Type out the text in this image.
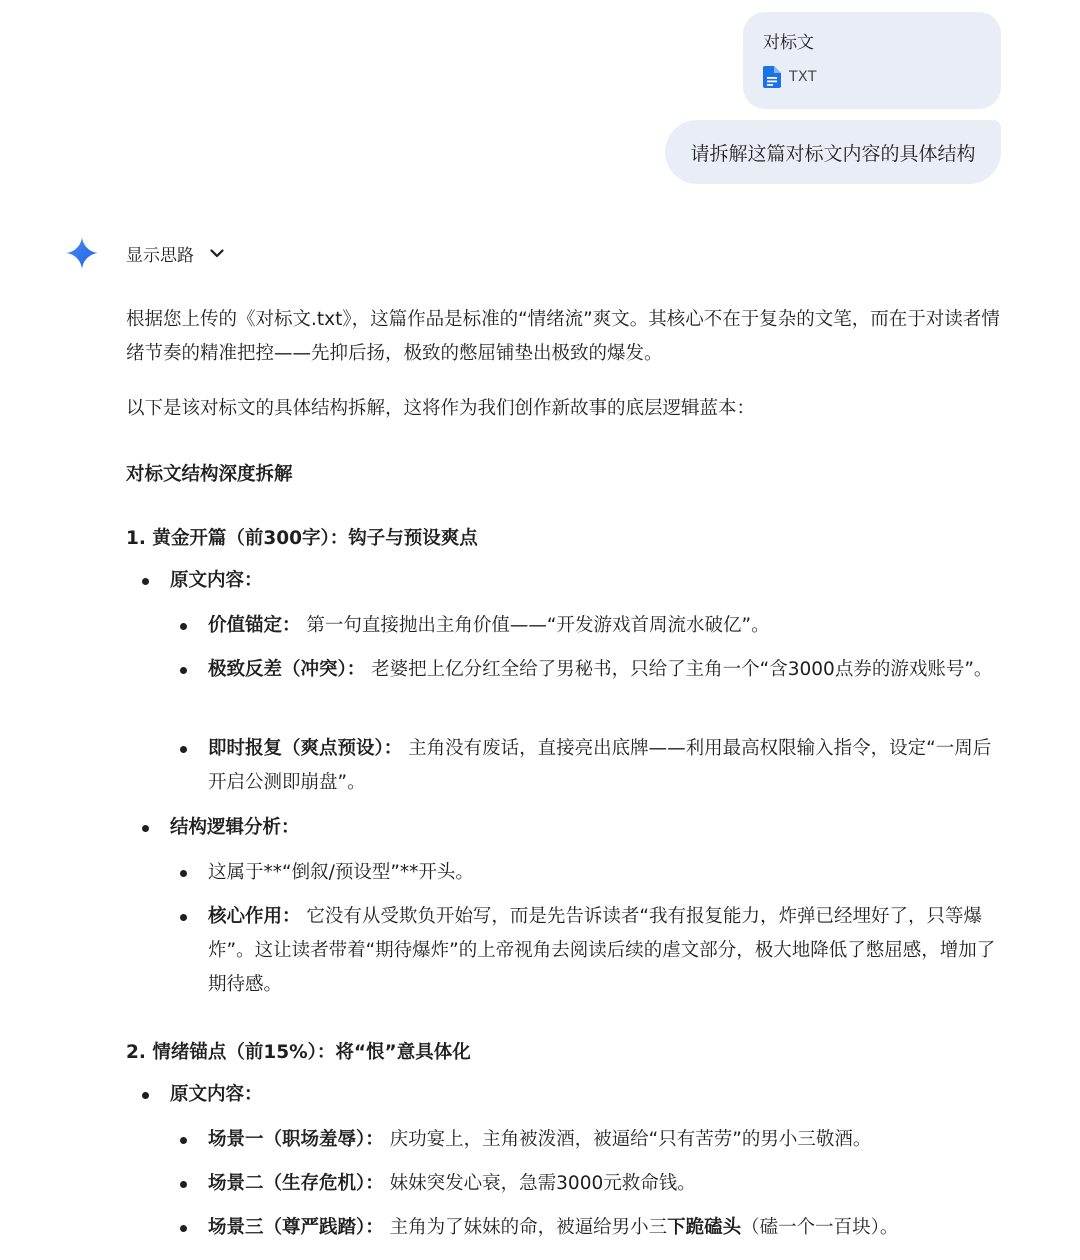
对标文
TXT
请拆解这篇对标文内容的具体结构
显示思路

根据您上传的《对标文.txt》，这篇作品是标准的“情绪流”爽文。其核心不在于复杂的文笔，而在于对读者情绪节奏的精准把控——先抑后扬，极致的憋屈铺垫出极致的爆发。

以下是该对标文的具体结构拆解，这将作为我们创作新故事的底层逻辑蓝本：

对标文结构深度拆解
1. 黄金开篇（前300字）：钩子与预设爽点
原文内容：
价值锚定： 第一句直接抛出主角价值——“开发游戏首周流水破亿”。
极致反差（冲突）： 老婆把上亿分红全给了男秘书，只给了主角一个“含3000点券的游戏账号”。
即时报复（爽点预设）： 主角没有废话，直接亮出底牌——利用最高权限输入指令，设定“一周后开启公测即崩盘”。
结构逻辑分析：
这属于**“倒叙/预设型”**开头。
核心作用： 它没有从受欺负开始写，而是先告诉读者“我有报复能力，炸弹已经埋好了，只等爆炸”。这让读者带着“期待爆炸”的上帝视角去阅读后续的虐文部分，极大地降低了憋屈感，增加了期待感。
2. 情绪锚点（前15%）：将“恨”意具体化
原文内容：
场景一（职场羞辱）： 庆功宴上，主角被泼酒，被逼给“只有苦劳”的男小三敬酒。
场景二（生存危机）： 妹妹突发心衰，急需3000元救命钱。
场景三（尊严践踏）： 主角为了妹妹的命，被逼给男小三下跪磕头（磕一个一百块）。
